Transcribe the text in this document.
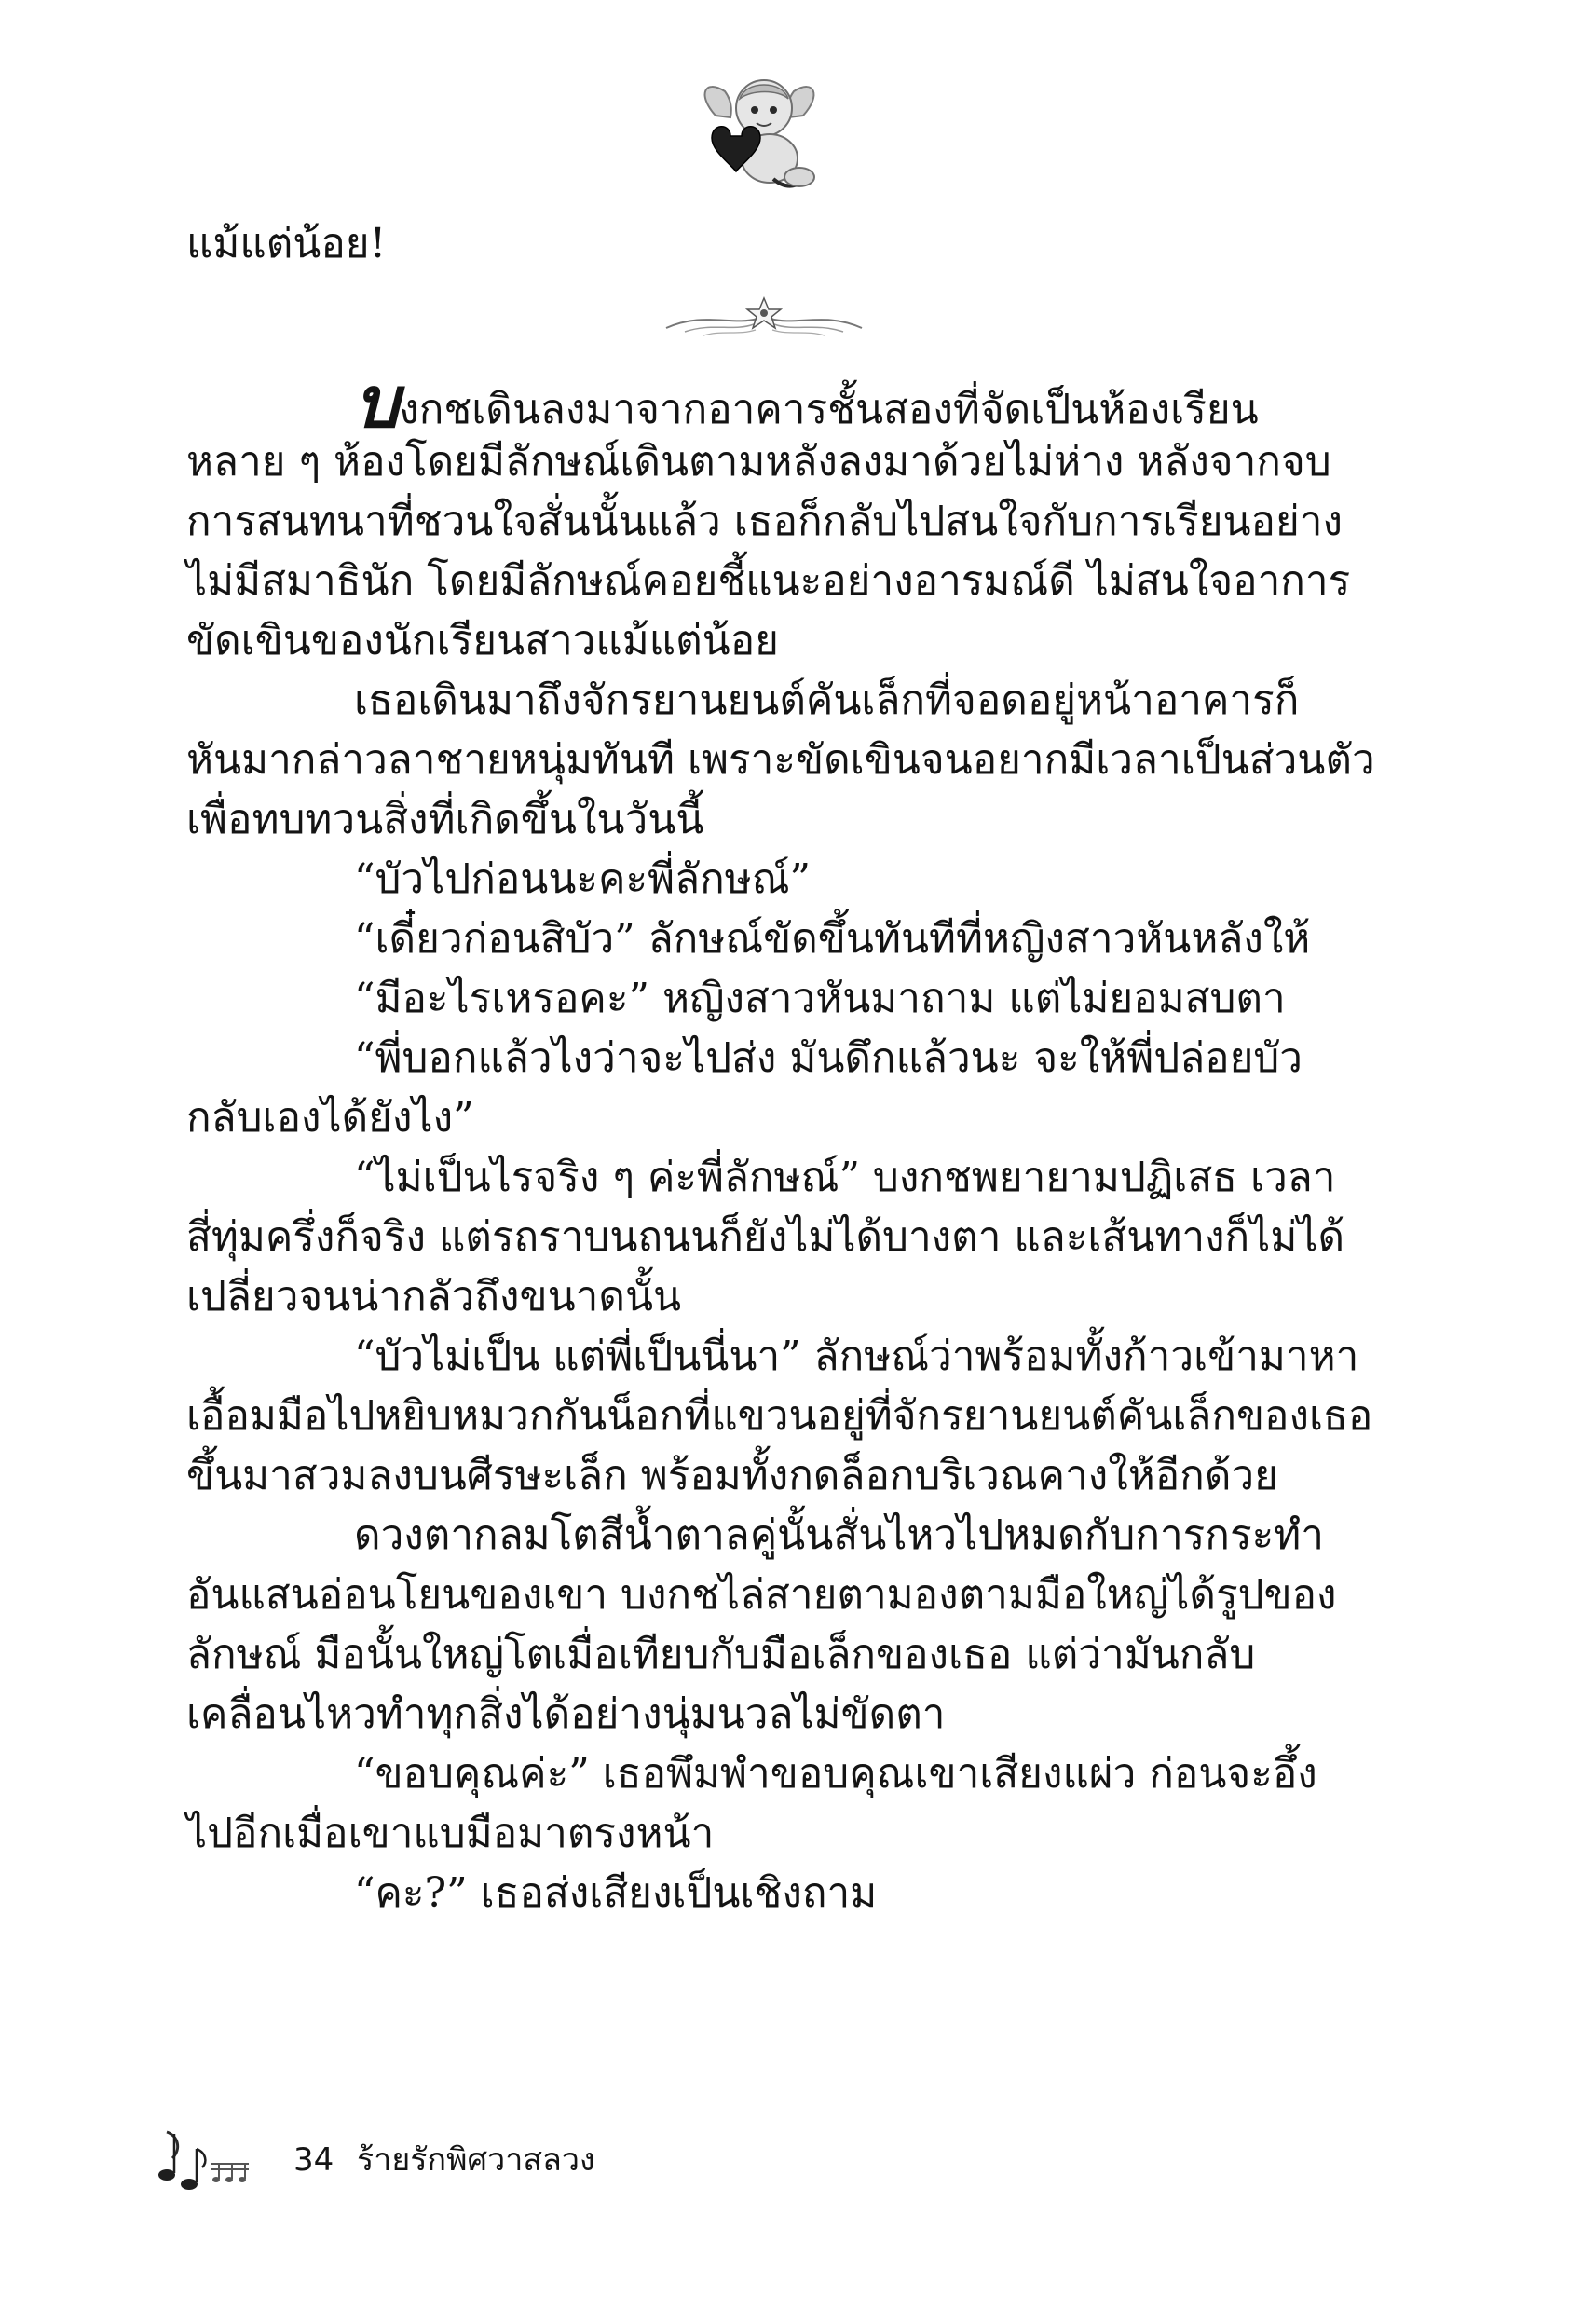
แม้แต่น้อย!
บงกชเดินลงมาจากอาคารชั้นสองที่จัดเป็นห้องเรียน
หลาย ๆ ห้องโดยมีลักษณ์เดินตามหลังลงมาด้วยไม่ห่าง หลังจากจบ
การสนทนาที่ชวนใจสั่นนั้นแล้ว เธอก็กลับไปสนใจกับการเรียนอย่าง
ไม่มีสมาธินัก โดยมีลักษณ์คอยชี้แนะอย่างอารมณ์ดี ไม่สนใจอาการ
ขัดเขินของนักเรียนสาวแม้แต่น้อย
เธอเดินมาถึงจักรยานยนต์คันเล็กที่จอดอยู่หน้าอาคารก็
หันมากล่าวลาชายหนุ่มทันที เพราะขัดเขินจนอยากมีเวลาเป็นส่วนตัว
เพื่อทบทวนสิ่งที่เกิดขึ้นในวันนี้
“บัวไปก่อนนะคะพี่ลักษณ์”
“เดี๋ยวก่อนสิบัว” ลักษณ์ขัดขึ้นทันทีที่หญิงสาวหันหลังให้
“มีอะไรเหรอคะ” หญิงสาวหันมาถาม แต่ไม่ยอมสบตา
“พี่บอกแล้วไงว่าจะไปส่ง มันดึกแล้วนะ จะให้พี่ปล่อยบัว
กลับเองได้ยังไง”
“ไม่เป็นไรจริง ๆ ค่ะพี่ลักษณ์” บงกชพยายามปฏิเสธ เวลา
สี่ทุ่มครึ่งก็จริง แต่รถราบนถนนก็ยังไม่ได้บางตา และเส้นทางก็ไม่ได้
เปลี่ยวจนน่ากลัวถึงขนาดนั้น
“บัวไม่เป็น แต่พี่เป็นนี่นา” ลักษณ์ว่าพร้อมทั้งก้าวเข้ามาหา
เอื้อมมือไปหยิบหมวกกันน็อกที่แขวนอยู่ที่จักรยานยนต์คันเล็กของเธอ
ขึ้นมาสวมลงบนศีรษะเล็ก พร้อมทั้งกดล็อกบริเวณคางให้อีกด้วย
ดวงตากลมโตสีน้ำตาลคู่นั้นสั่นไหวไปหมดกับการกระทำ
อันแสนอ่อนโยนของเขา บงกชไล่สายตามองตามมือใหญ่ได้รูปของ
ลักษณ์ มือนั้นใหญ่โตเมื่อเทียบกับมือเล็กของเธอ แต่ว่ามันกลับ
เคลื่อนไหวทำทุกสิ่งได้อย่างนุ่มนวลไม่ขัดตา
“ขอบคุณค่ะ” เธอพึมพำขอบคุณเขาเสียงแผ่ว ก่อนจะอึ้ง
ไปอีกเมื่อเขาแบมือมาตรงหน้า
“คะ?” เธอส่งเสียงเป็นเชิงถาม
34 ร้ายรักพิศวาสลวง
